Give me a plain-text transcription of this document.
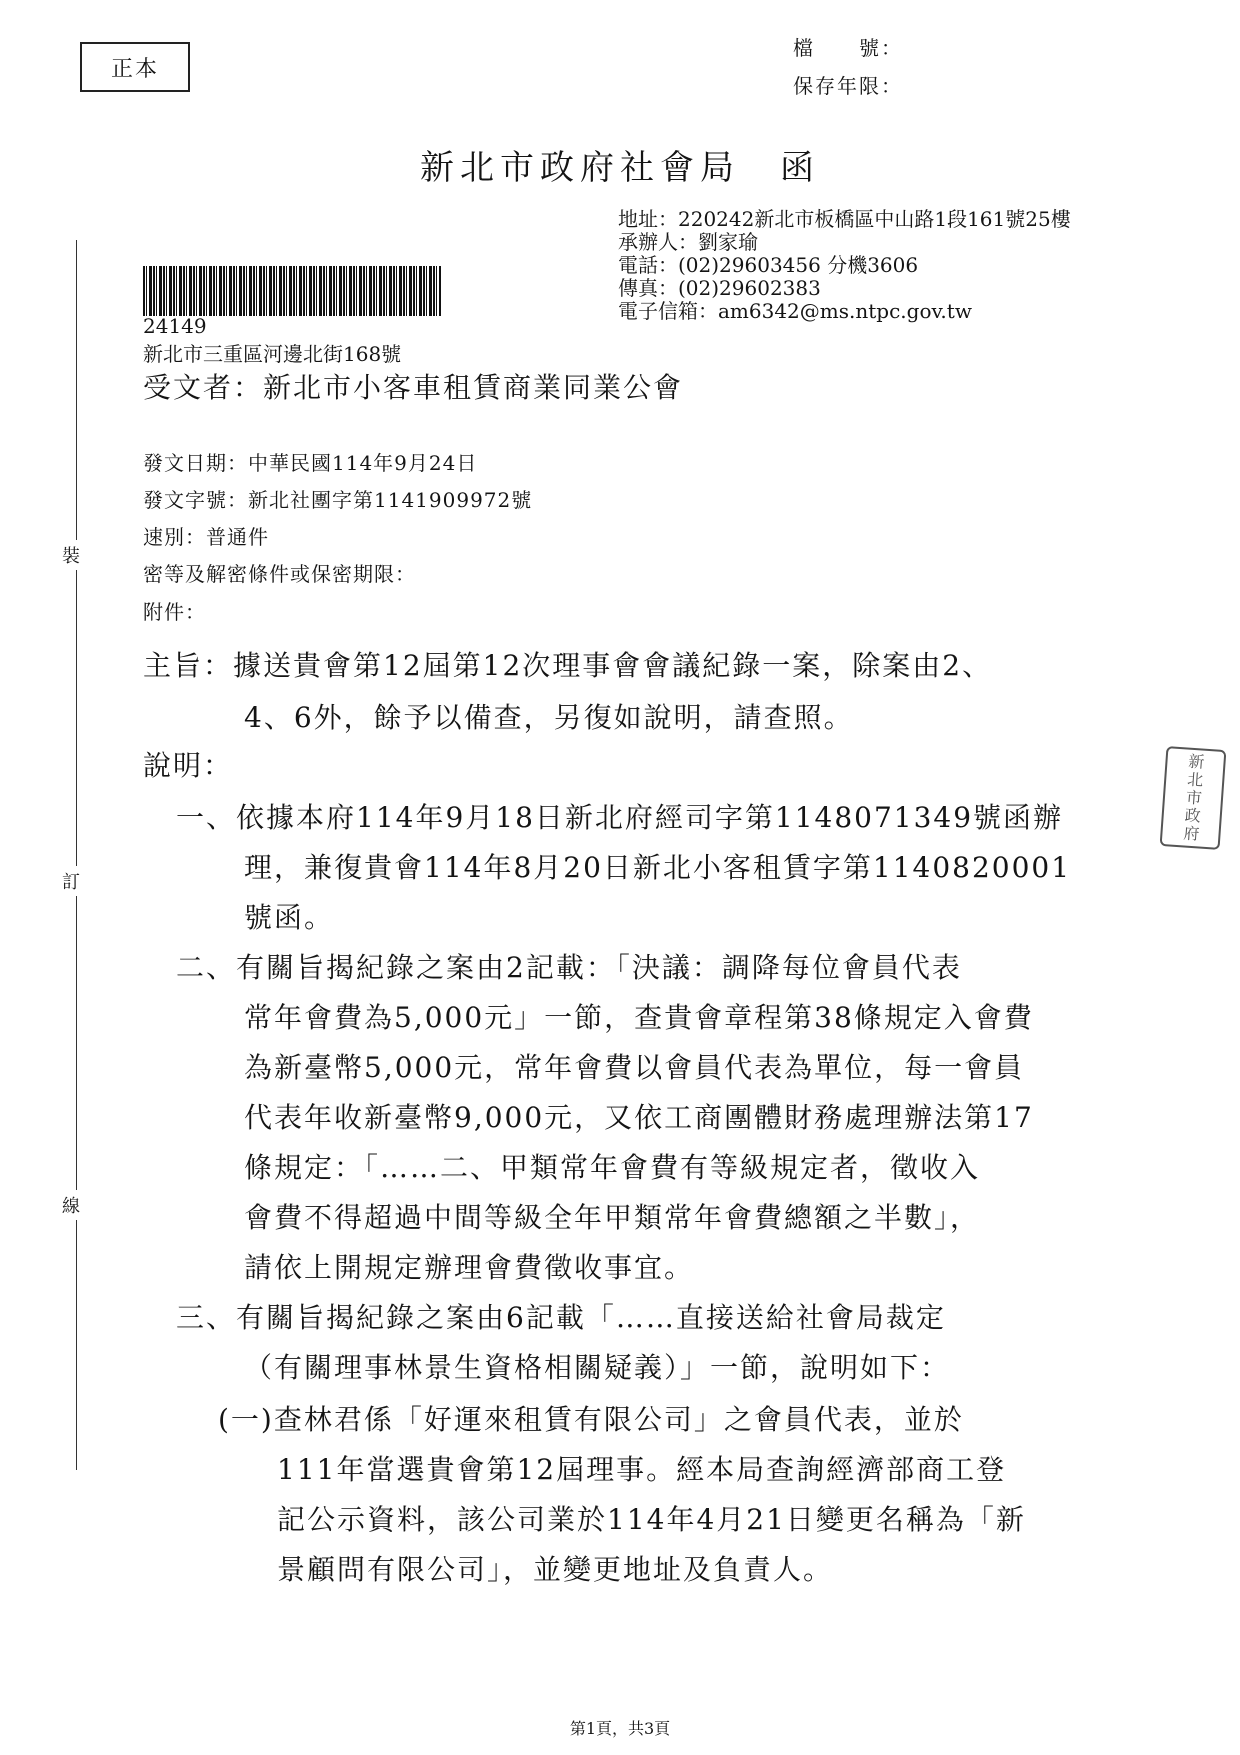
裝
訂
線
正本
檔　　號：
保存年限：
新北市政府社會局　函
地址：220242新北市板橋區中山路1段161號25樓
承辦人：劉家瑜
電話：(02)29603456 分機3606
傳真：(02)29602383
電子信箱：am6342@ms.ntpc.gov.tw
24149
新北市三重區河邊北街168號
受文者：新北市小客車租賃商業同業公會
發文日期：中華民國114年9月24日
發文字號：新北社團字第1141909972號
速別：普通件
密等及解密條件或保密期限：
附件：
主旨：據送貴會第12屆第12次理事會會議紀錄一案，除案由2、
4、6外，餘予以備查，另復如說明，請查照。
說明：
一、依據本府114年9月18日新北府經司字第1148071349號函辦
理，兼復貴會114年8月20日新北小客租賃字第1140820001
號函。
二、有關旨揭紀錄之案由2記載：「決議：調降每位會員代表
常年會費為5,000元」一節，查貴會章程第38條規定入會費
為新臺幣5,000元，常年會費以會員代表為單位，每一會員
代表年收新臺幣9,000元，又依工商團體財務處理辦法第17
條規定：「……二、甲類常年會費有等級規定者，徵收入
會費不得超過中間等級全年甲類常年會費總額之半數」，
請依上開規定辦理會費徵收事宜。
三、有關旨揭紀錄之案由6記載「……直接送給社會局裁定
（有關理事林景生資格相關疑義）」一節，說明如下：
(一)查林君係「好運來租賃有限公司」之會員代表，並於
111年當選貴會第12屆理事。經本局查詢經濟部商工登
記公示資料，該公司業於114年4月21日變更名稱為「新
景顧問有限公司」，並變更地址及負責人。
新北市政府
第1頁，共3頁
